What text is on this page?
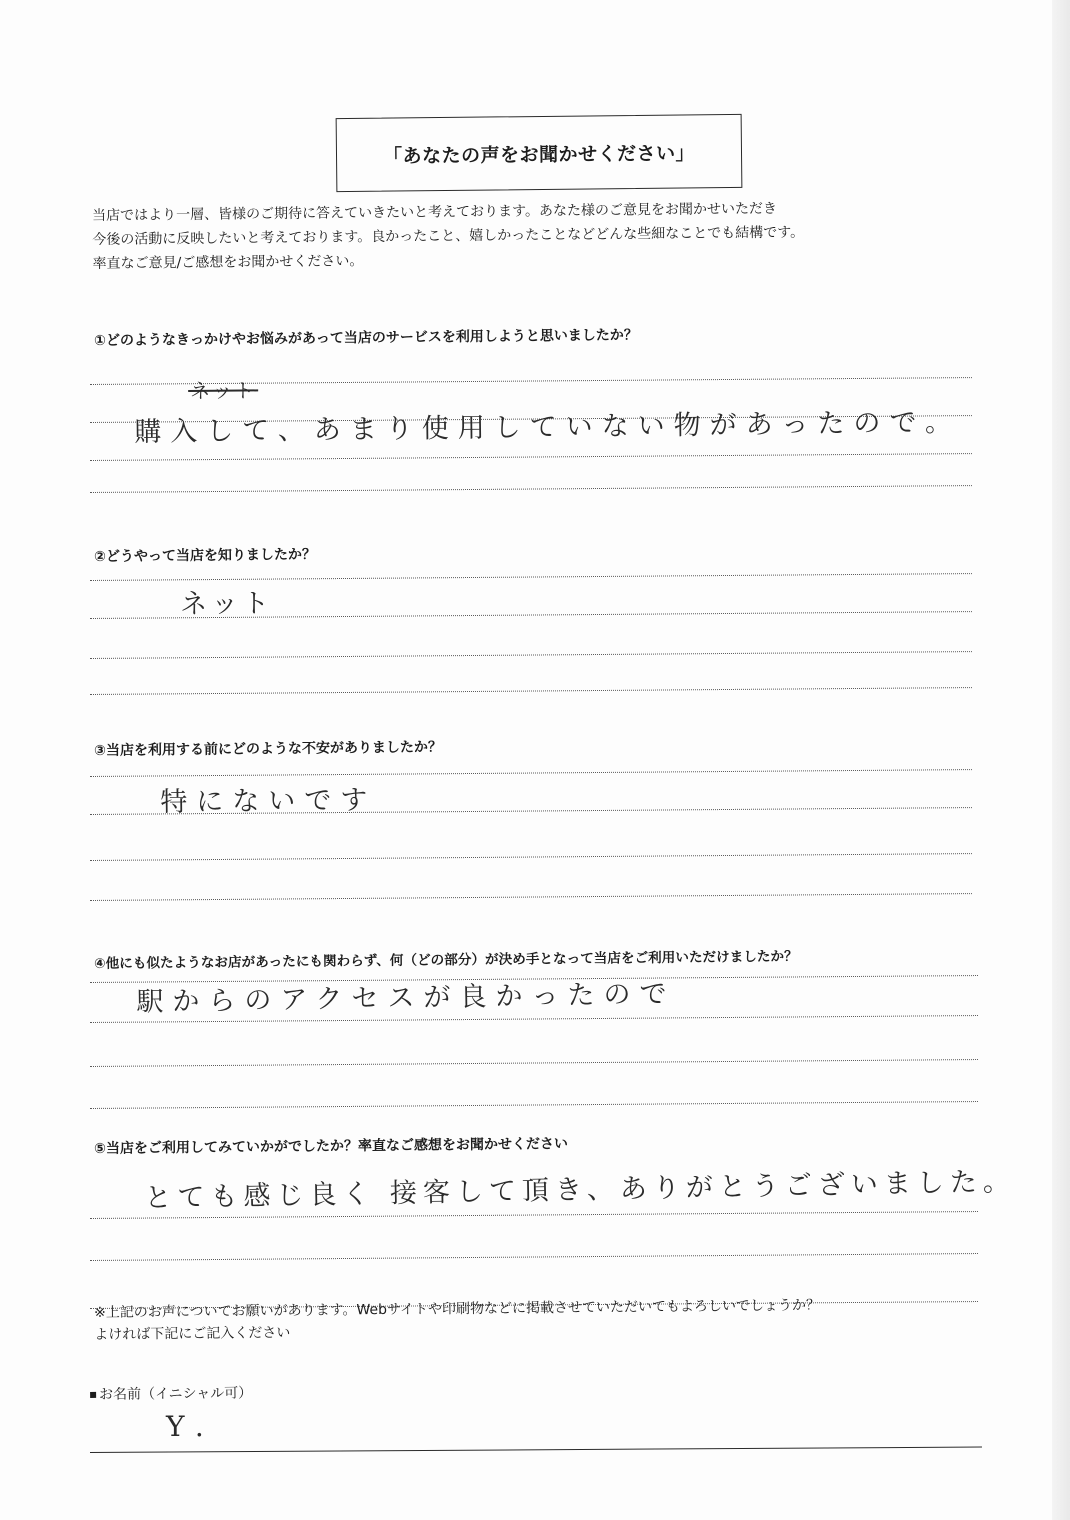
「あなたの声をお聞かせください」
当店ではより一層、皆様のご期待に答えていきたいと考えております。あなた様のご意見をお聞かせいただき
今後の活動に反映したいと考えております。良かったこと、嬉しかったことなどどんな些細なことでも結構です。
率直なご意見/ご感想をお聞かせください。
①どのようなきっかけやお悩みがあって当店のサービスを利用しようと思いましたか？
ネット
購入して、あまり使用していない物があったので。
②どうやって当店を知りましたか？
ネット
③当店を利用する前にどのような不安がありましたか？
特にないです
④他にも似たようなお店があったにも関わらず、何（どの部分）が決め手となって当店をご利用いただけましたか？
駅からのアクセスが良かったので
⑤当店をご利用してみていかがでしたか？率直なご感想をお聞かせください
とても感じ良く 接客して頂き、ありがとうございました。
※上記のお声についてお願いがあります。Webサイトや印刷物などに掲載させていただいてもよろしいでしょうか？
よければ下記にご記入ください
お名前（イニシャル可）
Y.
